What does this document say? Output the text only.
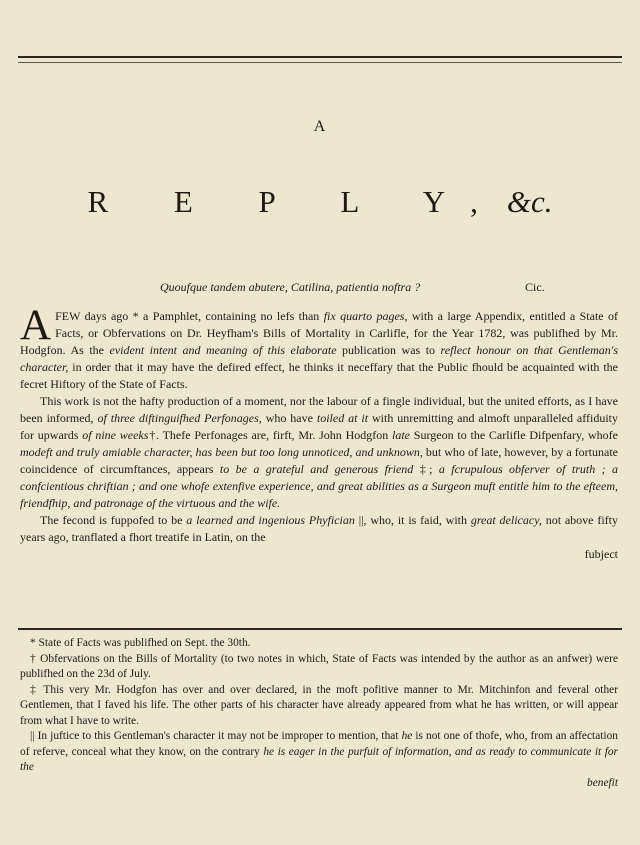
A
R E P L Y,&c.
Quoufque tandem abutere, Catilina, patientia noftra ?	Cic.

AFEW days ago * a Pamphlet, containing no lefs than fix quarto pages, with a large Appendix, entitled a State of Facts, or Obfervations on Dr. Heyfham's Bills of Mortality in Carlifle, for the Year 1782, was publifhed by Mr. Hodgfon. As the evident intent and meaning of this elaborate publication was to reflect honour on that Gentleman's character, in order that it may have the defired effect, he thinks it neceffary that the Public fhould be acquainted with the fecret Hiftory of the State of Facts.

This work is not the hafty production of a moment, nor the labour of a fingle individual, but the united efforts, as I have been informed, of three diftinguifhed Perfonages, who have toiled at it with unremitting and almoft unparalleled affiduity for upwards of nine weeks†. Thefe Perfonages are, firft, Mr. John Hodgfon late Surgeon to the Carlifle Difpenfary, whofe modeft and truly amiable character, has been but too long unnoticed, and unknown, but who of late, however, by a fortunate coincidence of circumftances, appears to be a grateful and generous friend ‡; a fcrupulous obferver of truth ; a confcientious chriftian ; and one whofe extenfive experience, and great abilities as a Surgeon muft entitle him to the efteem, friendfhip, and patronage of the virtuous and the wife.

The fecond is fuppofed to be a learned and ingenious Phyfician ||, who, it is faid, with great delicacy, not above fifty years ago, tranflated a fhort treatife in Latin, on the

fubject

* State of Facts was publifhed on Sept. the 30th.

† Obfervations on the Bills of Mortality (to two notes in which, State of Facts was intended by the author as an anfwer) were publifhed on the 23d of July.

‡ This very Mr. Hodgfon has over and over declared, in the moft pofitive manner to Mr. Mitchinfon and feveral other Gentlemen, that I faved his life. The other parts of his character have already appeared from what he has written, or will appear from what I have to write.

|| In juftice to this Gentleman's character it may not be improper to mention, that he is not one of thofe, who, from an affectation of referve, conceal what they know, on the contrary he is eager in the purfuit of information, and as ready to communicate it for the

benefit
